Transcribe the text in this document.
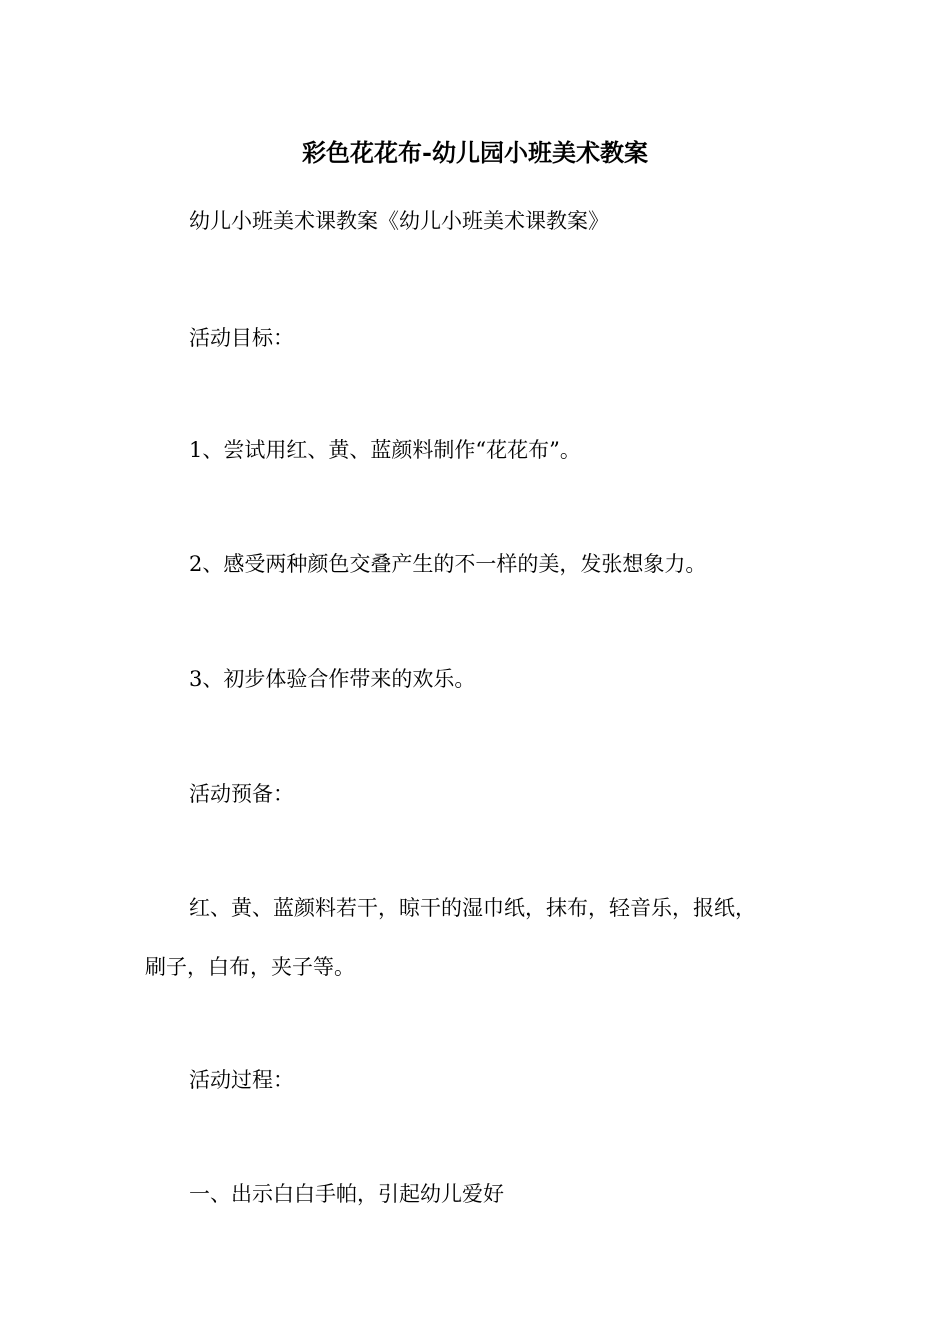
彩色花花布-幼儿园小班美术教案
幼儿小班美术课教案《幼儿小班美术课教案》
活动目标：
1、尝试用红、黄、蓝颜料制作“花花布”。
2、感受两种颜色交叠产生的不一样的美，发张想象力。
3、初步体验合作带来的欢乐。
活动预备：
红、黄、蓝颜料若干，晾干的湿巾纸，抹布，轻音乐，报纸，
刷子，白布，夹子等。
活动过程：
一、出示白白手帕，引起幼儿爱好
